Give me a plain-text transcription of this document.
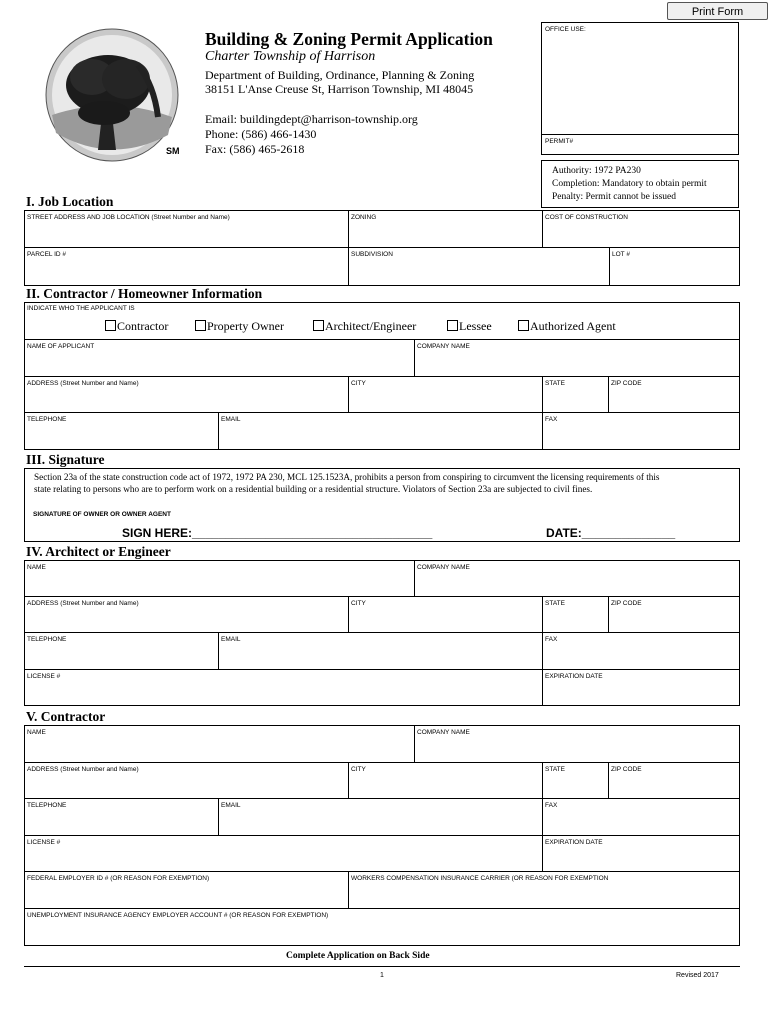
Print Form
SM
Building & Zoning Permit Application
Charter Township of Harrison
Department of Building, Ordinance, Planning & Zoning
38151 L'Anse Creuse St, Harrison Township, MI 48045
Email: buildingdept@harrison-township.org
Phone: (586) 466-1430
Fax: (586) 465-2618
OFFICE USE:
PERMIT#
Authority: 1972 PA230
Completion: Mandatory to obtain permit
Penalty: Permit cannot be issued
I. Job Location
STREET ADDRESS AND JOB LOCATION (Street Number and Name)	ZONING	COST OF CONSTRUCTION
PARCEL ID #	SUBDIVISION	LOT #
II. Contractor / Homeowner Information
INDICATE WHO THE APPLICANT IS
Contractor	Property Owner	Architect/Engineer	Lessee	Authorized Agent
NAME OF APPLICANT	COMPANY NAME
ADDRESS (Street Number and Name)	CITY	STATE	ZIP CODE
TELEPHONE	EMAIL	FAX
III. Signature
Section 23a of the state construction code act of 1972, 1972 PA 230, MCL 125.1523A, prohibits a person from conspiring to circumvent the licensing requirements of this
state relating to persons who are to perform work on a residential building or a residential structure. Violators of Section 23a are subjected to civil fines.
SIGNATURE OF OWNER OR OWNER AGENT
SIGN HERE:____________________________________	DATE:______________
IV. Architect or Engineer
NAME	COMPANY NAME
ADDRESS (Street Number and Name)	CITY	STATE	ZIP CODE
TELEPHONE	EMAIL	FAX
LICENSE #	EXPIRATION DATE
V. Contractor
NAME	COMPANY NAME
ADDRESS (Street Number and Name)	CITY	STATE	ZIP CODE
TELEPHONE	EMAIL	FAX
LICENSE #	EXPIRATION DATE
FEDERAL EMPLOYER ID # (OR REASON FOR EXEMPTION)	WORKERS COMPENSATION INSURANCE CARRIER (OR REASON FOR EXEMPTION
UNEMPLOYMENT INSURANCE AGENCY EMPLOYER ACCOUNT # (OR REASON FOR EXEMPTION)
Complete Application on Back Side
1	Revised 2017
